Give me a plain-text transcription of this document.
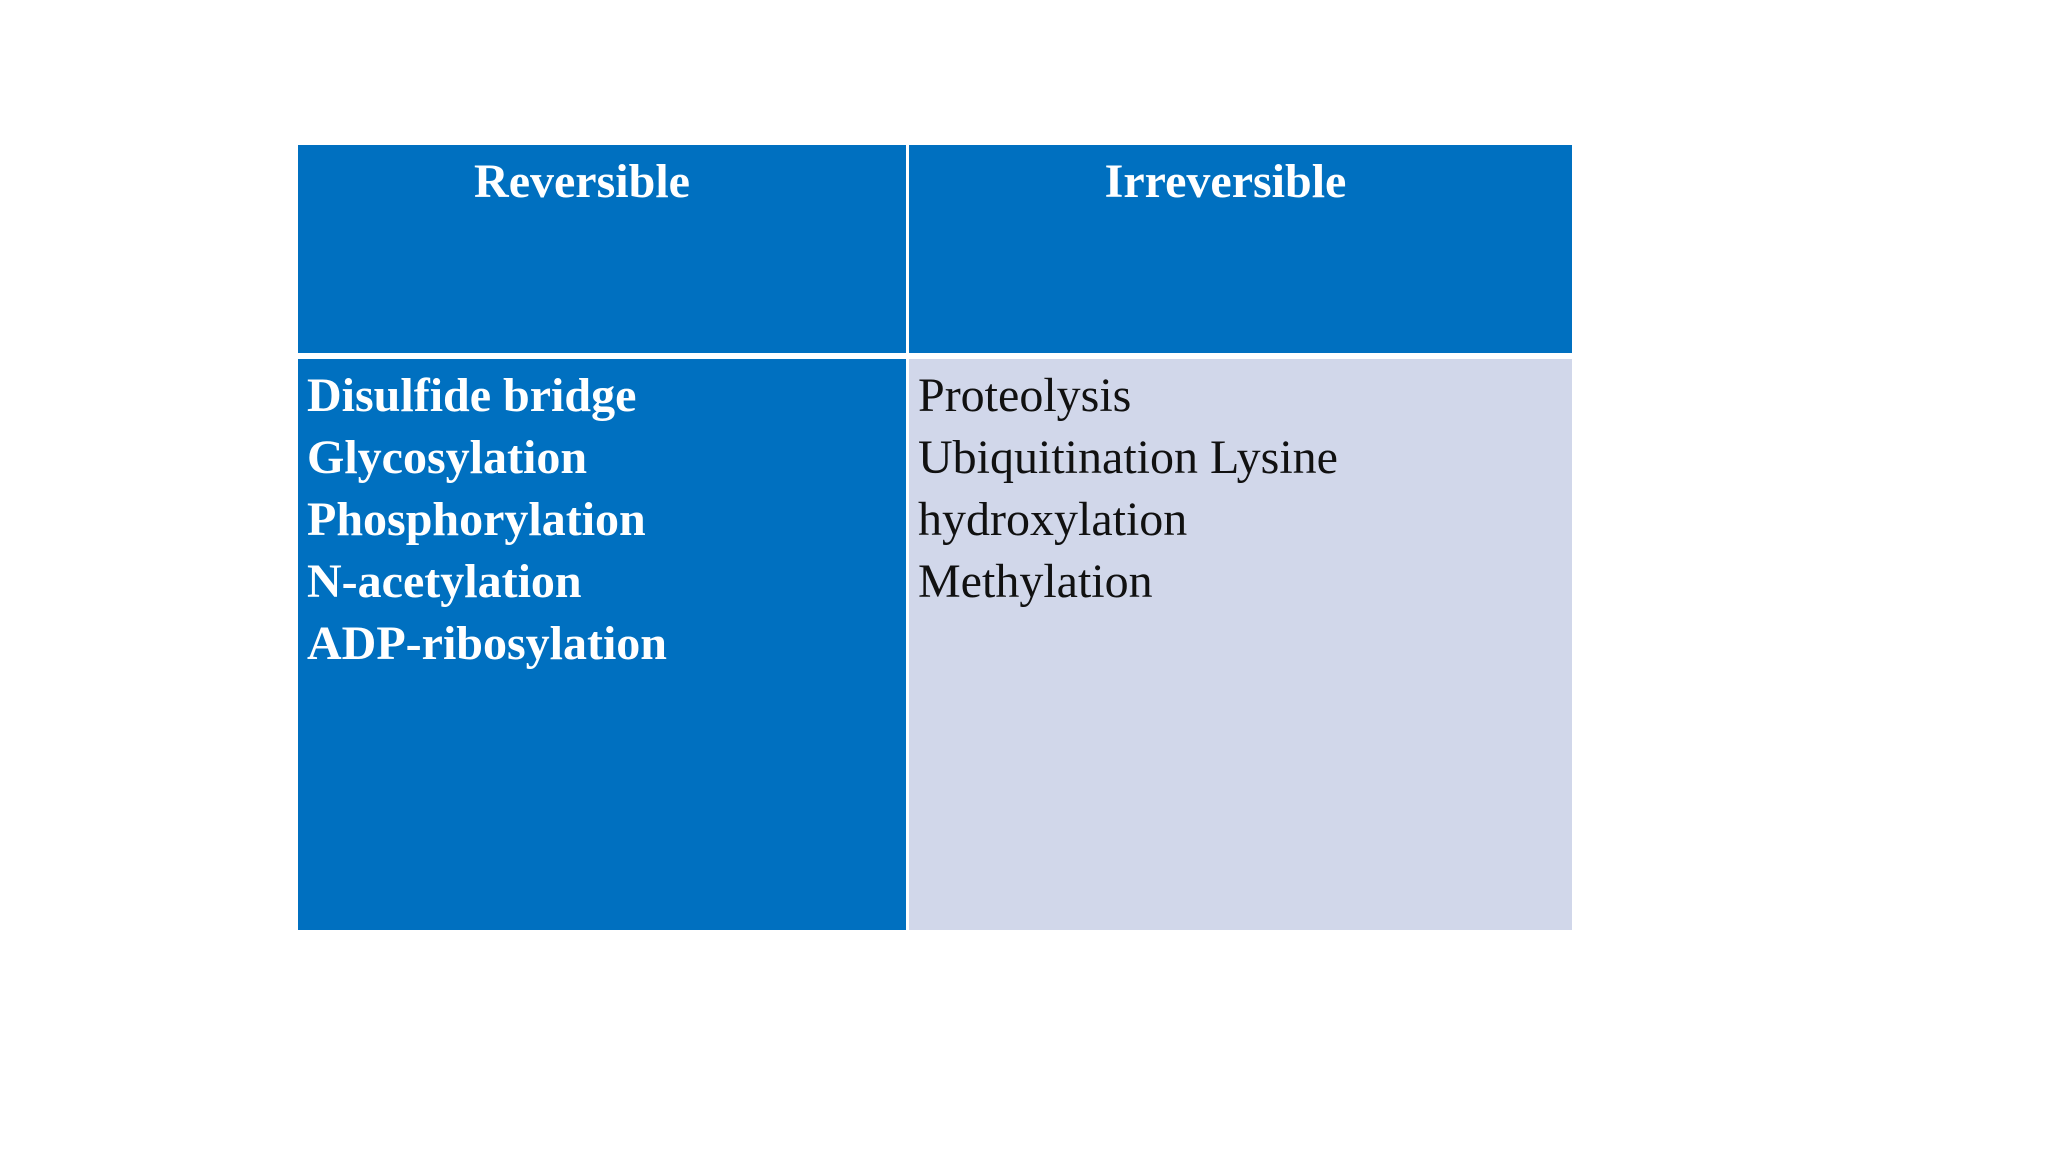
Reversible	Irreversible
Disulfide bridge
Glycosylation
Phosphorylation
N-acetylation
ADP-ribosylation
Proteolysis
Ubiquitination Lysine
hydroxylation
Methylation
